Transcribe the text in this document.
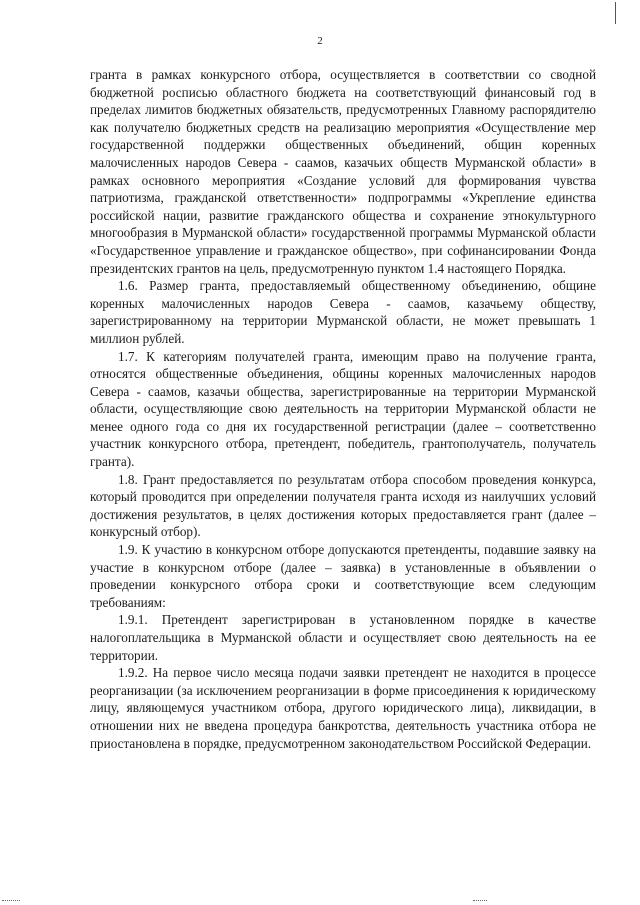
2

гранта в рамках конкурсного отбора, осуществляется в соответствии со сводной бюджетной росписью областного бюджета на соответствующий финансовый год в пределах лимитов бюджетных обязательств, предусмотренных Главному распорядителю как получателю бюджетных средств на реализацию мероприятия «Осуществление мер государственной поддержки общественных объединений, общин коренных малочисленных народов Севера - саамов, казачьих обществ Мурманской области» в рамках основного мероприятия «Создание условий для формирования чувства патриотизма, гражданской ответственности» подпрограммы «Укрепление единства российской нации, развитие гражданского общества и сохранение этнокультурного многообразия в Мурманской области» государственной программы Мурманской области «Государственное управление и гражданское общество», при софинансировании Фонда президентских грантов на цель, предусмотренную пунктом 1.4 настоящего Порядка.

1.6. Размер гранта, предоставляемый общественному объединению, общине коренных малочисленных народов Севера - саамов, казачьему обществу, зарегистрированному на территории Мурманской области, не может превышать 1 миллион рублей.

1.7. К категориям получателей гранта, имеющим право на получение гранта, относятся общественные объединения, общины коренных малочисленных народов Севера - саамов, казачьи общества, зарегистрированные на территории Мурманской области, осуществляющие свою деятельность на территории Мурманской области не менее одного года со дня их государственной регистрации (далее – соответственно участник конкурсного отбора, претендент, победитель, грантополучатель, получатель гранта).

1.8. Грант предоставляется по результатам отбора способом проведения конкурса, который проводится при определении получателя гранта исходя из наилучших условий достижения результатов, в целях достижения которых предоставляется грант (далее – конкурсный отбор).

1.9. К участию в конкурсном отборе допускаются претенденты, подавшие заявку на участие в конкурсном отборе (далее – заявка) в установленные в объявлении о проведении конкурсного отбора сроки и соответствующие всем следующим требованиям:

1.9.1. Претендент зарегистрирован в установленном порядке в качестве налогоплательщика в Мурманской области и осуществляет свою деятельность на ее территории.

1.9.2. На первое число месяца подачи заявки претендент не находится в процессе реорганизации (за исключением реорганизации в форме присоединения к юридическому лицу, являющемуся участником отбора, другого юридического лица), ликвидации, в отношении них не введена процедура банкротства, деятельность участника отбора не приостановлена в порядке, предусмотренном законодательством Российской Федерации.
